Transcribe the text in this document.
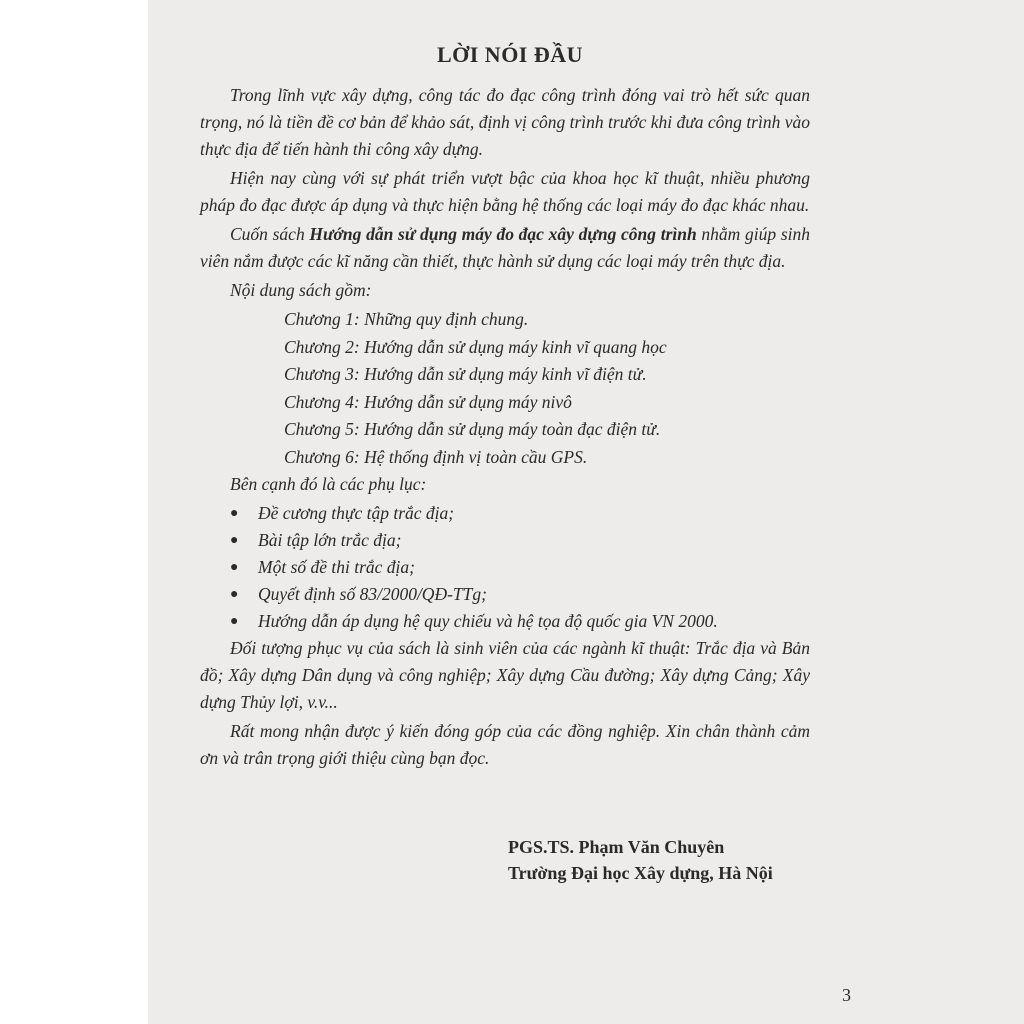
LỜI NÓI ĐẦU

Trong lĩnh vực xây dựng, công tác đo đạc công trình đóng vai trò hết sức quan trọng, nó là tiền đề cơ bản để khảo sát, định vị công trình trước khi đưa công trình vào thực địa để tiến hành thi công xây dựng.

Hiện nay cùng với sự phát triển vượt bậc của khoa học kĩ thuật, nhiều phương pháp đo đạc được áp dụng và thực hiện bằng hệ thống các loại máy đo đạc khác nhau.

Cuốn sách Hướng dẫn sử dụng máy đo đạc xây dựng công trình nhằm giúp sinh viên nắm được các kĩ năng cần thiết, thực hành sử dụng các loại máy trên thực địa.

Nội dung sách gồm:

Chương 1: Những quy định chung.

Chương 2: Hướng dẫn sử dụng máy kinh vĩ quang học

Chương 3: Hướng dẫn sử dụng máy kinh vĩ điện tử.

Chương 4: Hướng dẫn sử dụng máy nivô

Chương 5: Hướng dẫn sử dụng máy toàn đạc điện tử.

Chương 6: Hệ thống định vị toàn cầu GPS.

Bên cạnh đó là các phụ lục:

● Đề cương thực tập trắc địa;

● Bài tập lớn trắc địa;

● Một số đề thi trắc địa;

● Quyết định số 83/2000/QĐ-TTg;

● Hướng dẫn áp dụng hệ quy chiếu và hệ tọa độ quốc gia VN 2000.

Đối tượng phục vụ của sách là sinh viên của các ngành kĩ thuật: Trắc địa và Bản đồ; Xây dựng Dân dụng và công nghiệp; Xây dựng Cầu đường; Xây dựng Cảng; Xây dựng Thủy lợi, v.v...

Rất mong nhận được ý kiến đóng góp của các đồng nghiệp. Xin chân thành cảm ơn và trân trọng giới thiệu cùng bạn đọc.

PGS.TS. Phạm Văn Chuyên
Trường Đại học Xây dựng, Hà Nội
3
